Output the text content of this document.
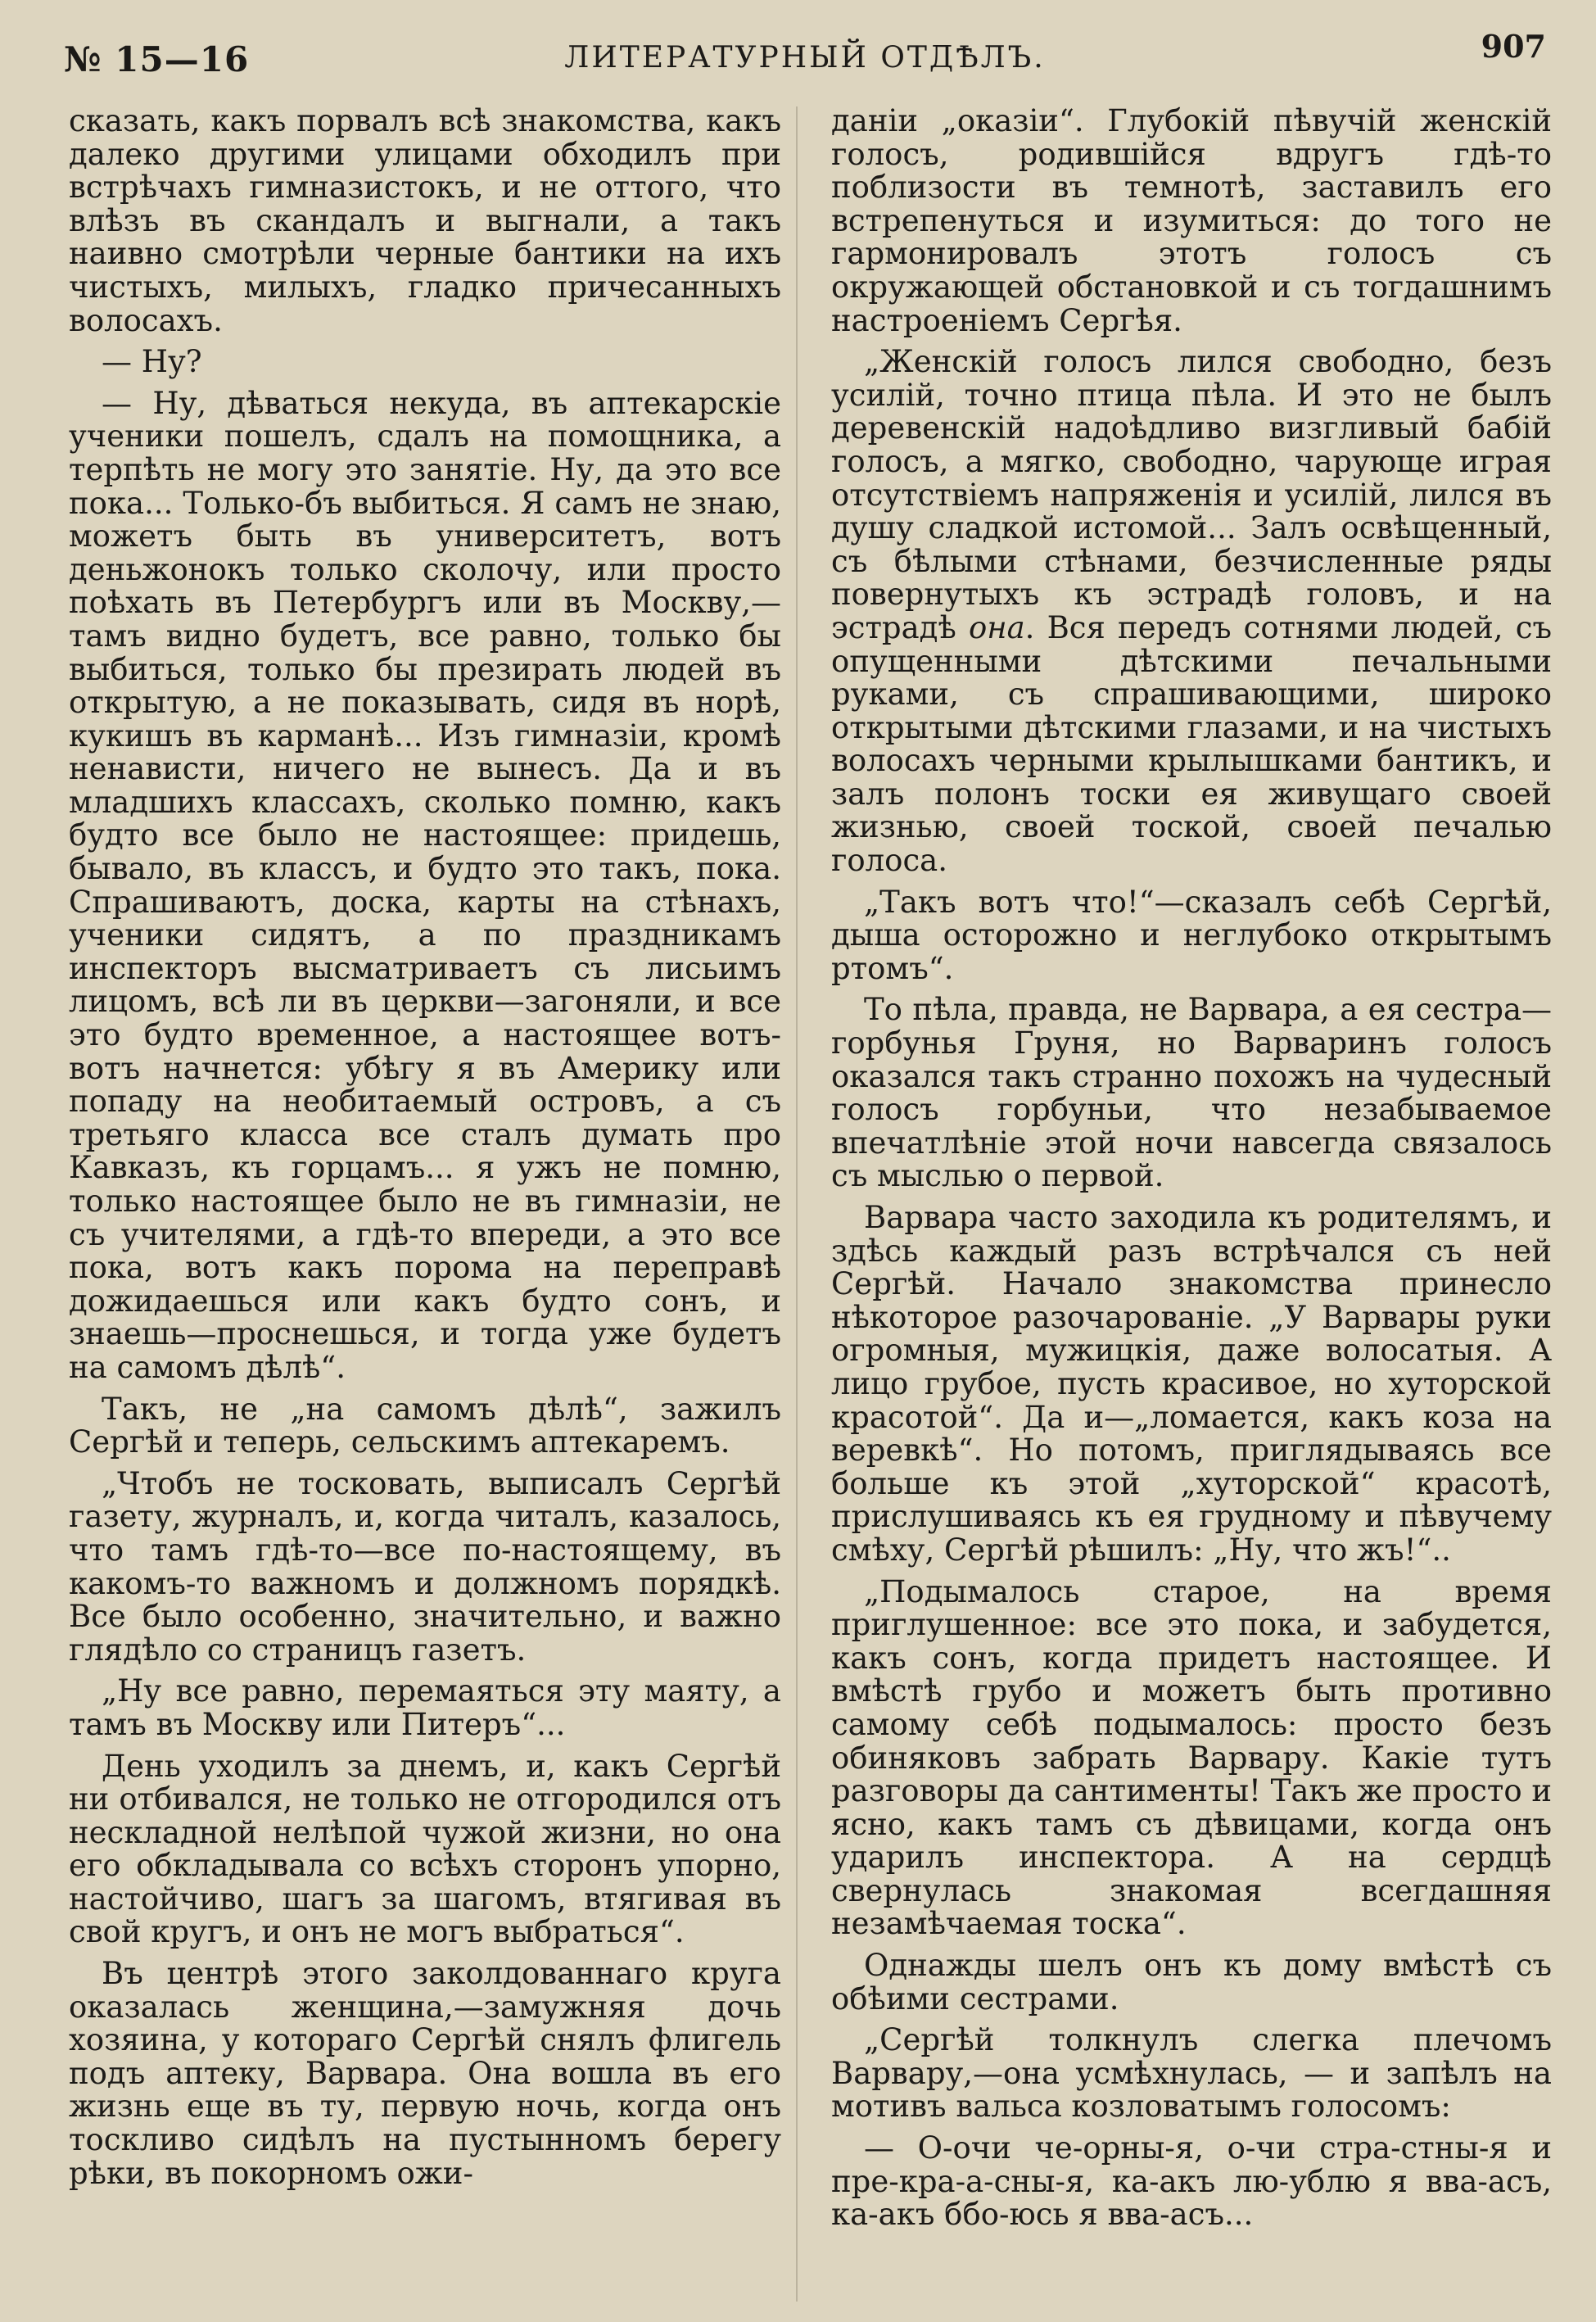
№ 15—16	ЛИТЕРАТУРНЫЙ ОТДѢЛЪ.	907

сказать, какъ порвалъ всѣ знакомства, какъ далеко другими улицами обходилъ при встрѣчахъ гимназистокъ, и не оттого, что влѣзъ въ скандалъ и выгнали, а такъ наивно смотрѣли черные бантики на ихъ чистыхъ, милыхъ, гладко причесанныхъ волосахъ.

— Ну?

— Ну, дѣваться некуда, въ аптекарскіе ученики пошелъ, сдалъ на помощника, а терпѣть не могу это занятіе. Ну, да это все пока... Только-бъ выбиться. Я самъ не знаю, можетъ быть въ университетъ, вотъ деньжонокъ только сколочу, или просто поѣхать въ Петербургъ или въ Москву,—тамъ видно будетъ, все равно, только бы выбиться, только бы презирать людей въ открытую, а не показывать, сидя въ норѣ, кукишъ въ карманѣ... Изъ гимназіи, кромѣ ненависти, ничего не вынесъ. Да и въ младшихъ классахъ, сколько помню, какъ будто все было не настоящее: придешь, бывало, въ классъ, и будто это такъ, пока. Спрашиваютъ, доска, карты на стѣнахъ, ученики сидятъ, а по праздникамъ инспекторъ высматриваетъ съ лисьимъ лицомъ, всѣ ли въ церкви—загоняли, и все это будто временное, а настоящее вотъ-вотъ начнется: убѣгу я въ Америку или попаду на необитаемый островъ, а съ третьяго класса все сталъ думать про Кавказъ, къ горцамъ... я ужъ не помню, только настоящее было не въ гимназіи, не съ учителями, а гдѣ-то впереди, а это все пока, вотъ какъ порома на переправѣ дожидаешься или какъ будто сонъ, и знаешь—проснешься, и тогда уже будетъ на самомъ дѣлѣ“.

Такъ, не „на самомъ дѣлѣ“, зажилъ Сергѣй и теперь, сельскимъ аптекаремъ.

„Чтобъ не тосковать, выписалъ Сергѣй газету, журналъ, и, когда читалъ, казалось, что тамъ гдѣ-то—все по-настоящему, въ какомъ-то важномъ и должномъ порядкѣ. Все было особенно, значительно, и важно глядѣло со страницъ газетъ.

„Ну все равно, перемаяться эту маяту, а тамъ въ Москву или Питеръ“...

День уходилъ за днемъ, и, какъ Сергѣй ни отбивался, не только не отгородился отъ нескладной нелѣпой чужой жизни, но она его обкладывала со всѣхъ сторонъ упорно, настойчиво, шагъ за шагомъ, втягивая въ свой кругъ, и онъ не могъ выбраться“.

Въ центрѣ этого заколдованнаго круга оказалась женщина,—замужняя дочь хозяина, у котораго Сергѣй снялъ флигель подъ аптеку, Варвара. Она вошла въ его жизнь еще въ ту, первую ночь, когда онъ тоскливо сидѣлъ на пустынномъ берегу рѣки, въ покорномъ ожи-

даніи „оказіи“. Глубокій пѣвучій женскій голосъ, родившійся вдругъ гдѣ-то поблизости въ темнотѣ, заставилъ его встрепенуться и изумиться: до того не гармонировалъ этотъ голосъ съ окружающей обстановкой и съ тогдашнимъ настроеніемъ Сергѣя.

„Женскій голосъ лился свободно, безъ усилій, точно птица пѣла. И это не былъ деревенскій надоѣдливо визгливый бабій голосъ, а мягко, свободно, чарующе играя отсутствіемъ напряженія и усилій, лился въ душу сладкой истомой... Залъ освѣщенный, съ бѣлыми стѣнами, безчисленные ряды повернутыхъ къ эстрадѣ головъ, и на эстрадѣ она. Вся передъ сотнями людей, съ опущенными дѣтскими печальными руками, съ спрашивающими, широко открытыми дѣтскими глазами, и на чистыхъ волосахъ черными крылышками бантикъ, и залъ полонъ тоски ея живущаго своей жизнью, своей тоской, своей печалью голоса.

„Такъ вотъ что!“—сказалъ себѣ Сергѣй, дыша осторожно и неглубоко открытымъ ртомъ“.

То пѣла, правда, не Варвара, а ея сестра—горбунья Груня, но Варваринъ голосъ оказался такъ странно похожъ на чудесный голосъ горбуньи, что незабываемое впечатлѣніе этой ночи навсегда связалось съ мыслью о первой.

Варвара часто заходила къ родителямъ, и здѣсь каждый разъ встрѣчался съ ней Сергѣй. Начало знакомства принесло нѣкоторое разочарованіе. „У Варвары руки огромныя, мужицкія, даже волосатыя. А лицо грубое, пусть красивое, но хуторской красотой“. Да и—„ломается, какъ коза на веревкѣ“. Но потомъ, приглядываясь все больше къ этой „хуторской“ красотѣ, прислушиваясь къ ея грудному и пѣвучему смѣху, Сергѣй рѣшилъ: „Ну, что жъ!“..

„Подымалось старое, на время приглушенное: все это пока, и забудется, какъ сонъ, когда придетъ настоящее. И вмѣстѣ грубо и можетъ быть противно самому себѣ подымалось: просто безъ обиняковъ забрать Варвару. Какіе тутъ разговоры да сантименты! Такъ же просто и ясно, какъ тамъ съ дѣвицами, когда онъ ударилъ инспектора. А на сердцѣ свернулась знакомая всегдашняя незамѣчаемая тоска“.

Однажды шелъ онъ къ дому вмѣстѣ съ обѣими сестрами.

„Сергѣй толкнулъ слегка плечомъ Варвару,—она усмѣхнулась, — и запѣлъ на мотивъ вальса козловатымъ голосомъ:

— О-очи че-орны-я, о-чи стра-стны-я и пре-кра-а-сны-я, ка-акъ лю-ублю я вва-асъ, ка-акъ ббо-юсь я вва-асъ...
